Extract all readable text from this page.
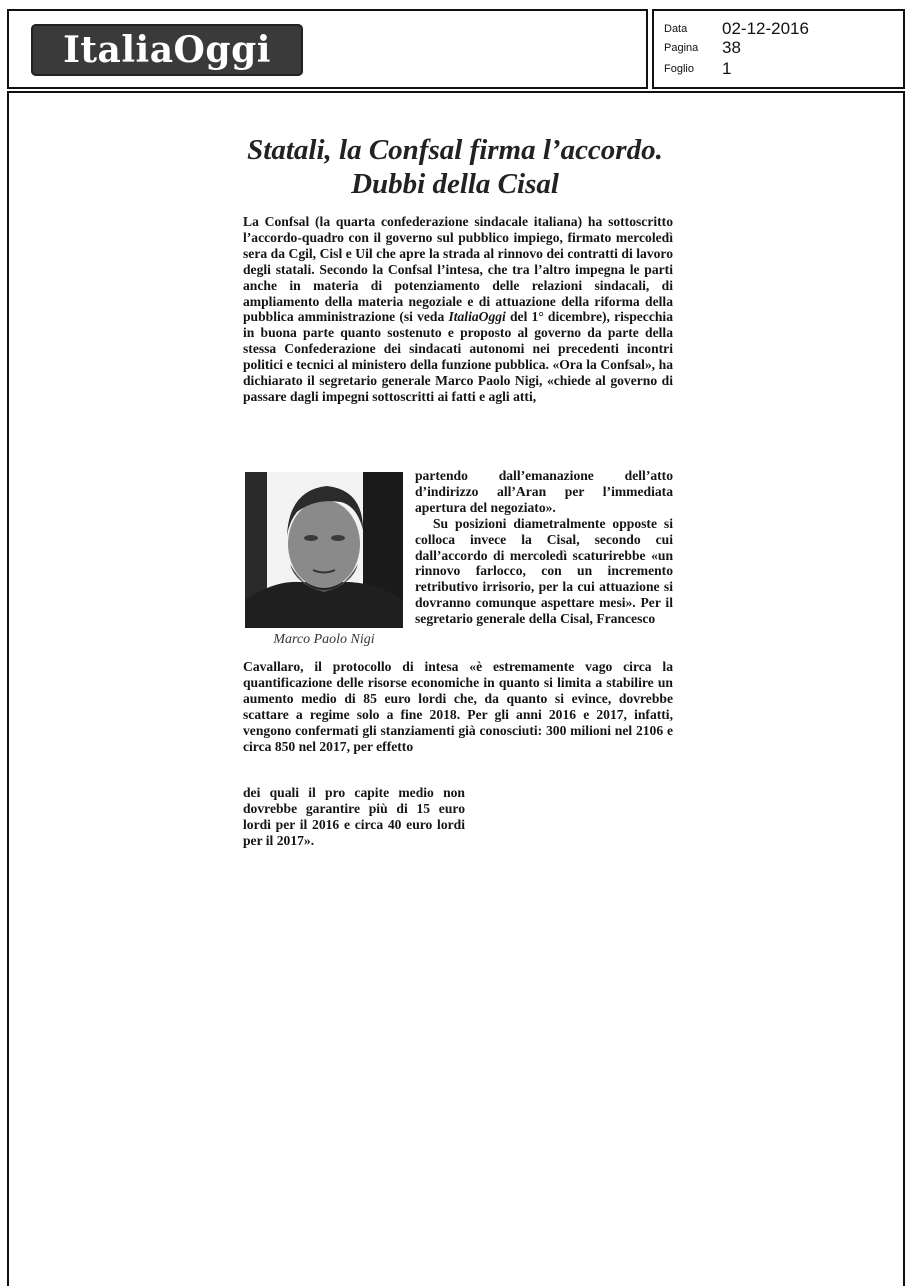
ItaliaOggi	Data 02-12-2016
Pagina 38
Foglio 1
Statali, la Confsal firma l’accordo. Dubbi della Cisal

La Confsal (la quarta confederazione sindacale italiana) ha sottoscritto l’accordo-quadro con il governo sul pubblico impiego, firmato mercoledì sera da Cgil, Cisl e Uil che apre la strada al rinnovo dei contratti di lavoro degli statali. Secondo la Confsal l’intesa, che tra l’altro impegna le parti anche in materia di potenziamento delle relazioni sindacali, di ampliamento della materia negoziale e di attuazione della riforma della pubblica amministrazione (si veda ItaliaOggi del 1° dicembre), rispecchia in buona parte quanto sostenuto e proposto al governo da parte della stessa Confederazione dei sindacati autonomi nei precedenti incontri politici e tecnici al ministero della funzione pubblica. «Ora la Confsal», ha dichiarato il segretario generale Marco Paolo Nigi, «chiede al governo di passare dagli impegni sottoscritti ai fatti e agli atti,

Marco Paolo Nigi

partendo dall’emanazione dell’atto d’indirizzo all’Aran per l’immediata apertura del negoziato».

Su posizioni diametralmente opposte si colloca invece la Cisal, secondo cui dall’accordo di mercoledì scaturirebbe «un rinnovo farlocco, con un incremento retributivo irrisorio, per la cui attuazione si dovranno comunque aspettare mesi». Per il segretario generale della Cisal, Francesco

Cavallaro, il protocollo di intesa «è estremamente vago circa la quantificazione delle risorse economiche in quanto si limita a stabilire un aumento medio di 85 euro lordi che, da quanto si evince, dovrebbe scattare a regime solo a fine 2018. Per gli anni 2016 e 2017, infatti, vengono confermati gli stanziamenti già conosciuti: 300 milioni nel 2106 e circa 850 nel 2017, per effetto

dei quali il pro capite medio non dovrebbe garantire più di 15 euro lordi per il 2016 e circa 40 euro lordi per il 2017».
